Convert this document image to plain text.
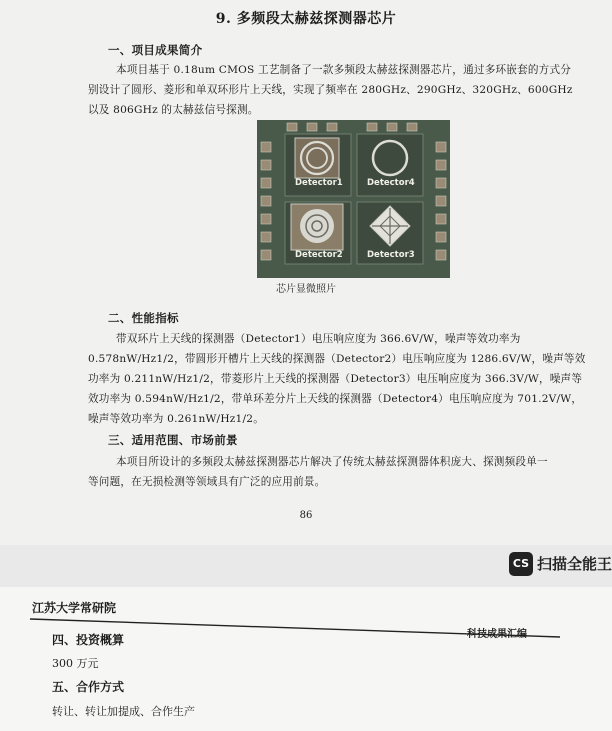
9. 多频段太赫兹探测器芯片
一、项目成果简介
本项目基于 0.18um CMOS 工艺制备了一款多频段太赫兹探测器芯片，通过多环嵌套的方式分
别设计了圆形、菱形和单双环形片上天线，实现了频率在 280GHz、290GHz、320GHz、600GHz
以及 806GHz 的太赫兹信号探测。
Detector1	Detector4
Detector2	Detector3
芯片显微照片
二、性能指标
带双环片上天线的探测器（Detector1）电压响应度为 366.6V/W，噪声等效功率为
0.578nW/Hz1/2，带圆形开槽片上天线的探测器（Detector2）电压响应度为 1286.6V/W，噪声等效
功率为 0.211nW/Hz1/2，带菱形片上天线的探测器（Detector3）电压响应度为 366.3V/W，噪声等
效功率为 0.594nW/Hz1/2，带单环差分片上天线的探测器（Detector4）电压响应度为 701.2V/W，
噪声等效功率为 0.261nW/Hz1/2。
三、适用范围、市场前景
本项目所设计的多频段太赫兹探测器芯片解决了传统太赫兹探测器体积庞大、探测频段单一
等问题，在无损检测等领域具有广泛的应用前景。
86
CS 扫描全能王
江苏大学常研院
科技成果汇编
四、投资概算
300 万元
五、合作方式
转让、转让加提成、合作生产
